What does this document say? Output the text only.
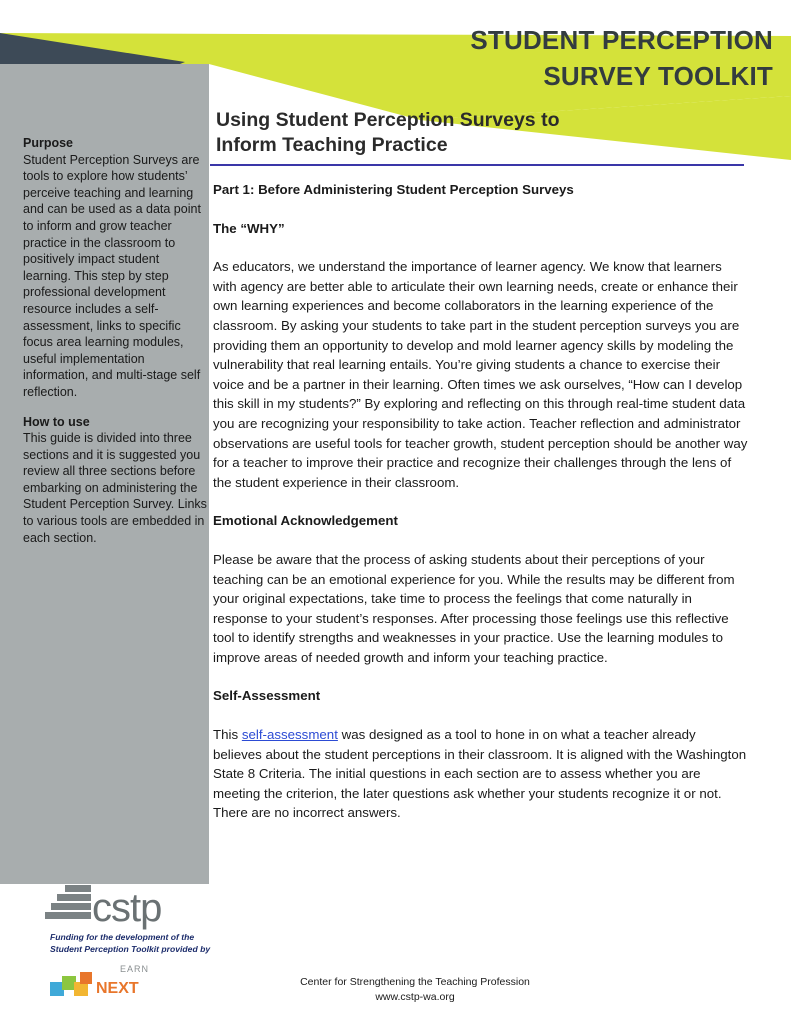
STUDENT PERCEPTION
SURVEY TOOLKIT
Purpose

Student Perception Surveys are tools to explore how students’ perceive teaching and learning and can be used as a data point to inform and grow teacher practice in the classroom to positively impact student learning. This step by step professional development resource includes a self-assessment, links to specific focus area learning modules, useful implementation information, and multi-stage self reflection.

How to use

This guide is divided into three sections and it is suggested you review all three sections before embarking on administering the Student Perception Survey. Links to various tools are embedded in each section.

Using Student Perception Surveys to
Inform Teaching Practice
Part 1: Before Administering Student Perception Surveys
The “WHY”

As educators, we understand the importance of learner agency. We know that learners with agency are better able to articulate their own learning needs, create or enhance their own learning experiences and become collaborators in the learning experience of the classroom. By asking your students to take part in the student perception surveys you are providing them an opportunity to develop and mold learner agency skills by modeling the vulnerability that real learning entails. You’re giving students a chance to exercise their voice and be a partner in their learning. Often times we ask ourselves, “How can I develop this skill in my students?” By exploring and reflecting on this through real-time student data you are recognizing your responsibility to take action. Teacher reflection and administrator observations are useful tools for teacher growth, student perception should be another way for a teacher to improve their practice and recognize their challenges through the lens of the student experience in their classroom.

Emotional Acknowledgement

Please be aware that the process of asking students about their perceptions of your teaching can be an emotional experience for you. While the results may be different from your original expectations, take time to process the feelings that come naturally in response to your student’s responses. After processing those feelings use this reflective tool to identify strengths and weaknesses in your practice. Use the learning modules to improve areas of needed growth and inform your teaching practice.

Self-Assessment

This self-assessment was designed as a tool to hone in on what a teacher already believes about the student perceptions in their classroom. It is aligned with the Washington State 8 Criteria. The initial questions in each section are to assess whether you are meeting the criterion, the later questions ask whether your students recognize it or not. There are no incorrect answers.

cstp
Funding for the development of the
Student Perception Toolkit provided by
EARN
NEXT	Center for Strengthening the Teaching Profession
www.cstp-wa.org
